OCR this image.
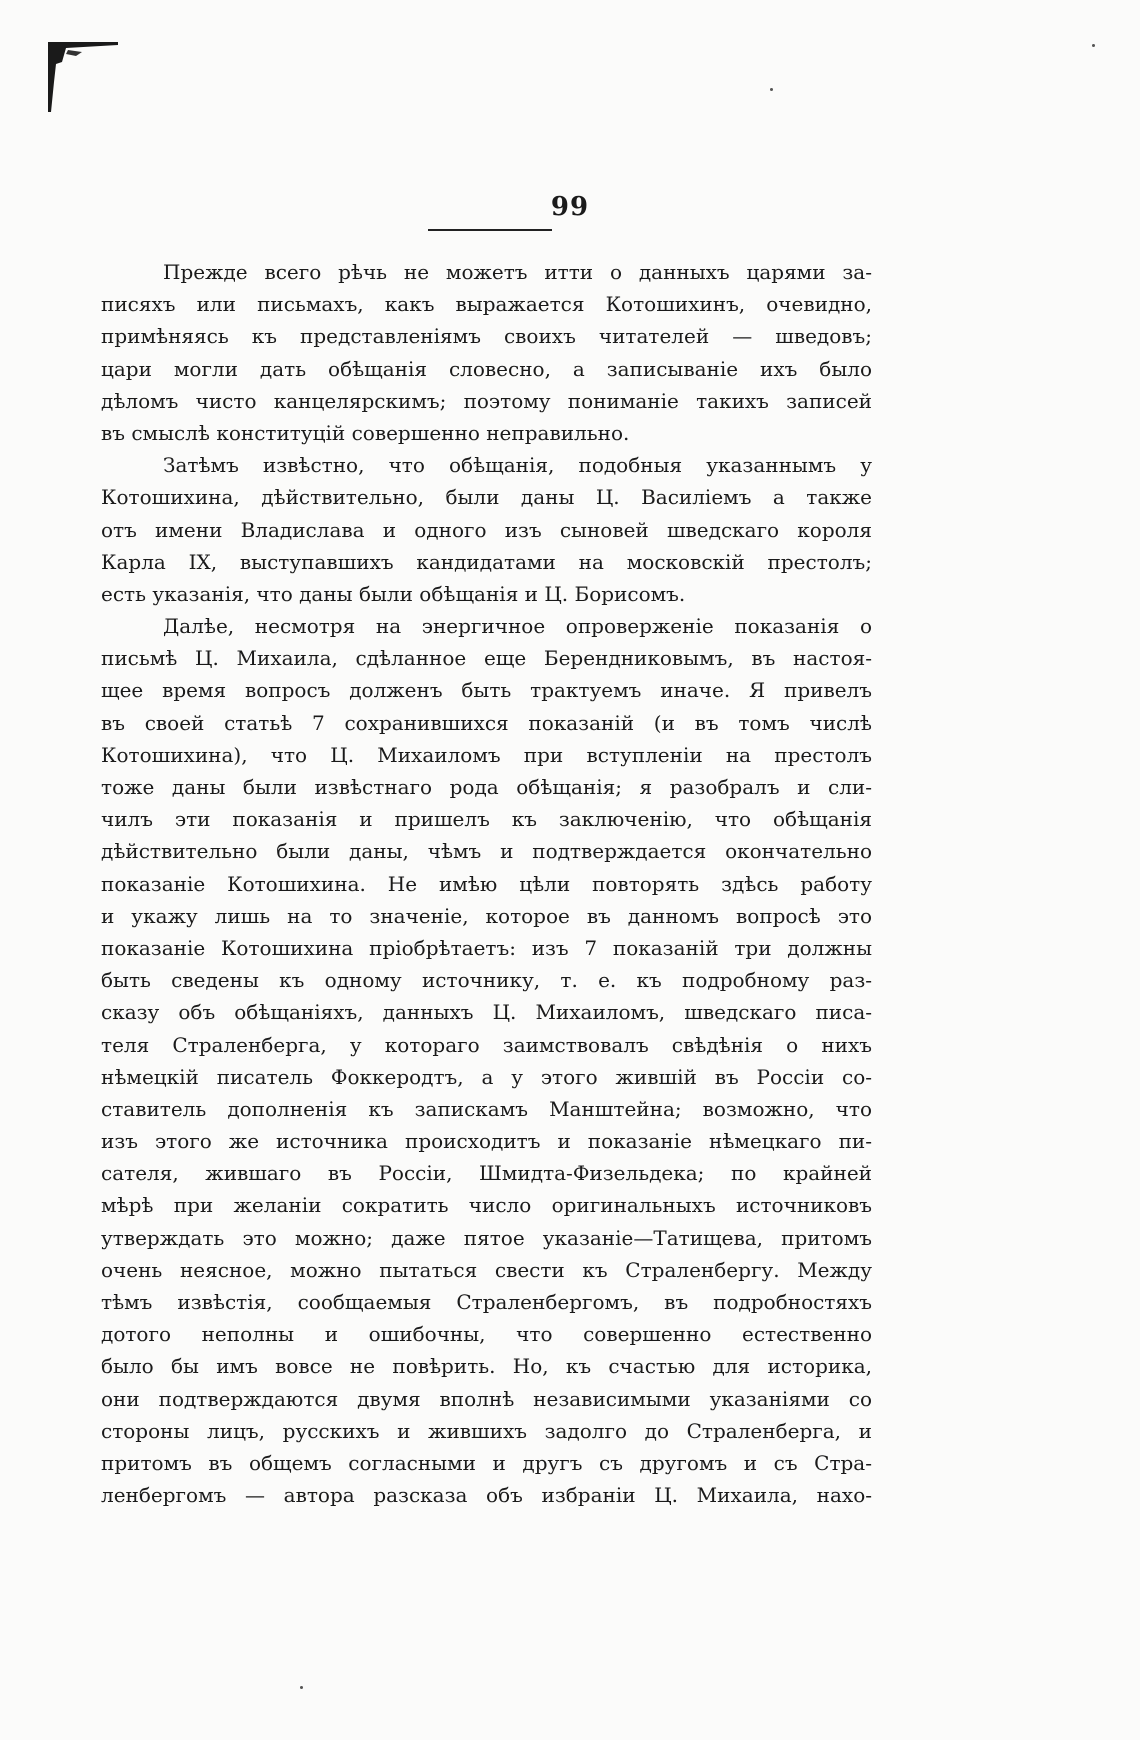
99
Прежде всего рѣчь не можетъ итти о данныхъ царями за-
писяхъ или письмахъ, какъ выражается Котошихинъ, очевидно,
примѣняясь къ представленіямъ своихъ читателей — шведовъ;
цари могли дать обѣщанія словесно, а записываніе ихъ было
дѣломъ чисто канцелярскимъ; поэтому пониманіе такихъ записей
въ смыслѣ конституцій совершенно неправильно.
Затѣмъ извѣстно, что обѣщанія, подобныя указаннымъ у
Котошихина, дѣйствительно, были даны Ц. Василіемъ а также
отъ имени Владислава и одного изъ сыновей шведскаго короля
Карла IX, выступавшихъ кандидатами на московскій престолъ;
есть указанія, что даны были обѣщанія и Ц. Борисомъ.
Далѣе, несмотря на энергичное опроверженіе показанія о
письмѣ Ц. Михаила, сдѣланное еще Берендниковымъ, въ настоя-
щее время вопросъ долженъ быть трактуемъ иначе. Я привелъ
въ своей статьѣ 7 сохранившихся показаній (и въ томъ числѣ
Котошихина), что Ц. Михаиломъ при вступленіи на престолъ
тоже даны были извѣстнаго рода обѣщанія; я разобралъ и сли-
чилъ эти показанія и пришелъ къ заключенію, что обѣщанія
дѣйствительно были даны, чѣмъ и подтверждается окончательно
показаніе Котошихина. Не имѣю цѣли повторять здѣсь работу
и укажу лишь на то значеніе, которое въ данномъ вопросѣ это
показаніе Котошихина пріобрѣтаетъ: изъ 7 показаній три должны
быть сведены къ одному источнику, т. е. къ подробному раз-
сказу объ обѣщаніяхъ, данныхъ Ц. Михаиломъ, шведскаго писа-
теля Страленберга, у котораго заимствовалъ свѣдѣнія о нихъ
нѣмецкій писатель Фоккеродтъ, а у этого жившій въ Россіи со-
ставитель дополненія къ запискамъ Манштейна; возможно, что
изъ этого же источника происходитъ и показаніе нѣмецкаго пи-
сателя, жившаго въ Россіи, Шмидта-Физельдека; по крайней
мѣрѣ при желаніи сократить число оригинальныхъ источниковъ
утверждать это можно; даже пятое указаніе—Татищева, притомъ
очень неясное, можно пытаться свести къ Страленбергу. Между
тѣмъ извѣстія, сообщаемыя Страленбергомъ, въ подробностяхъ
дотого неполны и ошибочны, что совершенно естественно
было бы имъ вовсе не повѣрить. Но, къ счастью для историка,
они подтверждаются двумя вполнѣ независимыми указаніями со
стороны лицъ, русскихъ и жившихъ задолго до Страленберга, и
притомъ въ общемъ согласными и другъ съ другомъ и съ Стра-
ленбергомъ — автора разсказа объ избраніи Ц. Михаила, нахо-
